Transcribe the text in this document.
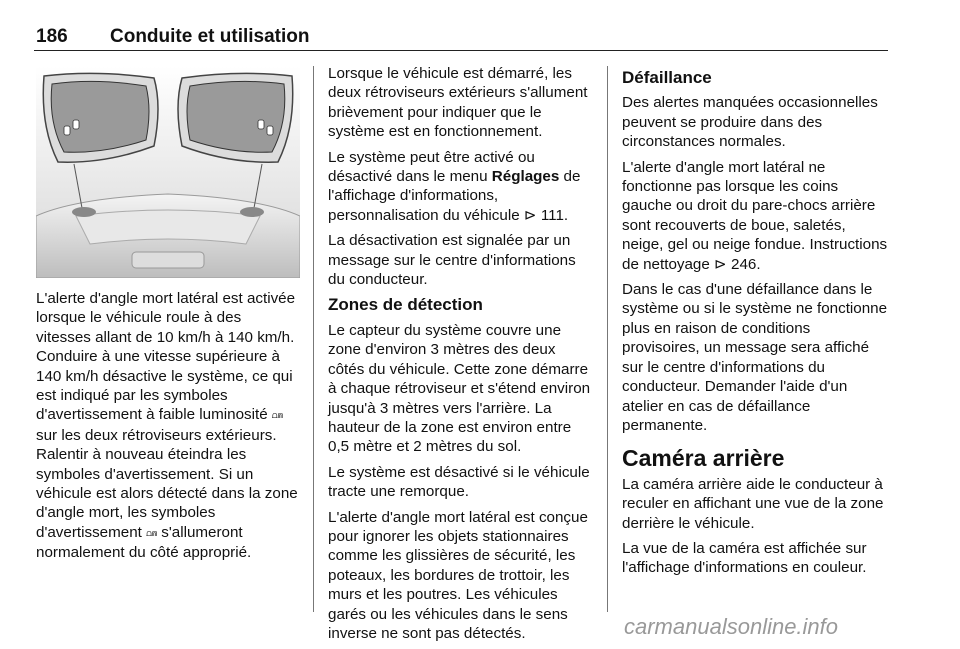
186 Conduite et utilisation

L'alerte d'angle mort latéral est activée lorsque le véhicule roule à des vitesses allant de 10 km/h à 140 km/h. Conduire à une vitesse supérieure à 140 km/h désactive le système, ce qui est indiqué par les symboles d'avertissement à faible luminosité ⩍⩎ sur les deux rétroviseurs extérieurs. Ralentir à nouveau éteindra les symboles d'avertissement. Si un véhicule est alors détecté dans la zone d'angle mort, les symboles d'avertissement ⩍⩎ s'allumeront normalement du côté approprié.

Lorsque le véhicule est démarré, les deux rétroviseurs extérieurs s'allument brièvement pour indiquer que le système est en fonctionnement.

Le système peut être activé ou désactivé dans le menu Réglages de l'affichage d'informations, personnalisation du véhicule ⊳ 111.

La désactivation est signalée par un message sur le centre d'informations du conducteur.

Zones de détection

Le capteur du système couvre une zone d'environ 3 mètres des deux côtés du véhicule. Cette zone démarre à chaque rétroviseur et s'étend environ jusqu'à 3 mètres vers l'arrière. La hauteur de la zone est environ entre 0,5 mètre et 2 mètres du sol.

Le système est désactivé si le véhicule tracte une remorque.

L'alerte d'angle mort latéral est conçue pour ignorer les objets stationnaires comme les glissières de sécurité, les poteaux, les bordures de trottoir, les murs et les poutres. Les véhicules garés ou les véhicules dans le sens inverse ne sont pas détectés.

Défaillance

Des alertes manquées occasionnelles peuvent se produire dans des circonstances normales.

L'alerte d'angle mort latéral ne fonctionne pas lorsque les coins gauche ou droit du pare-chocs arrière sont recouverts de boue, saletés, neige, gel ou neige fondue. Instructions de nettoyage ⊳ 246.

Dans le cas d'une défaillance dans le système ou si le système ne fonctionne plus en raison de conditions provisoires, un message sera affiché sur le centre d'informations du conducteur. Demander l'aide d'un atelier en cas de défaillance permanente.

Caméra arrière

La caméra arrière aide le conducteur à reculer en affichant une vue de la zone derrière le véhicule.

La vue de la caméra est affichée sur l'affichage d'informations en couleur.

carmanualsonline.info
